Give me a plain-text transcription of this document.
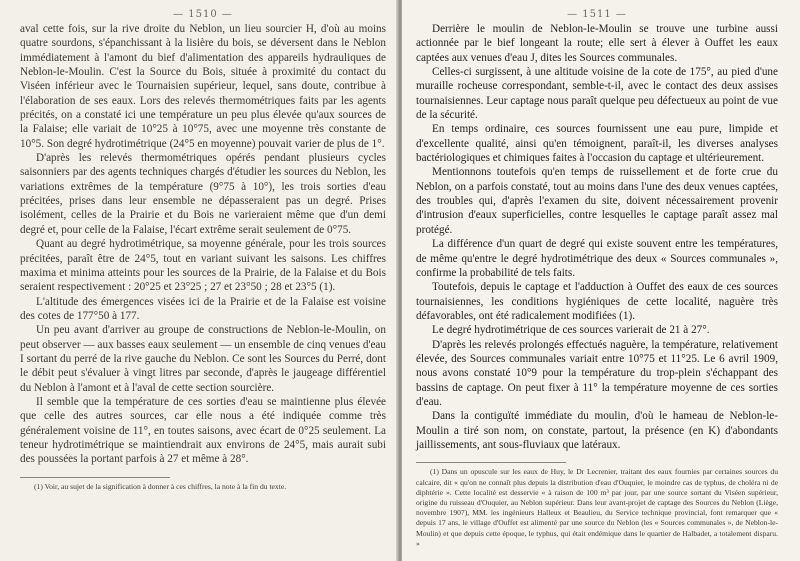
— 1510 —

aval cette fois, sur la rive droite du Neblon, un lieu sourcier H, d'où au moins quatre sourdons, s'épanchissant à la lisière du bois, se déversent dans le Neblon immédiatement à l'amont du bief d'alimentation des appareils hydrauliques de Neblon-le-Moulin. C'est la Source du Bois, située à proximité du contact du Viséen inférieur avec le Tournaisien supérieur, lequel, sans doute, contribue à l'élaboration de ses eaux. Lors des relevés thermométriques faits par les agents précités, on a constaté ici une température un peu plus élevée qu'aux sources de la Falaise; elle variait de 10°25 à 10°75, avec une moyenne très constante de 10°5. Son degré hydrotimétrique (24°5 en moyenne) pouvait varier de plus de 1°.

D'après les relevés thermométriques opérés pendant plusieurs cycles saisonniers par des agents techniques chargés d'étudier les sources du Neblon, les variations extrêmes de la température (9°75 à 10°), les trois sorties d'eau précitées, prises dans leur ensemble ne dépasseraient pas un degré. Prises isolément, celles de la Prairie et du Bois ne varieraient même que d'un demi degré et, pour celle de la Falaise, l'écart extrême serait seulement de 0°75.

Quant au degré hydrotimétrique, sa moyenne générale, pour les trois sources précitées, paraît être de 24°5, tout en variant suivant les saisons. Les chiffres maxima et minima atteints pour les sources de la Prairie, de la Falaise et du Bois seraient respectivement : 20°25 et 23°25 ; 27 et 23°50 ; 28 et 23°5 (1).

L'altitude des émergences visées ici de la Prairie et de la Falaise est voisine des cotes de 177°50 à 177.

Un peu avant d'arriver au groupe de constructions de Neblon-le-Moulin, on peut observer — aux basses eaux seulement — un ensemble de cinq venues d'eau I sortant du perré de la rive gauche du Neblon. Ce sont les Sources du Perré, dont le débit peut s'évaluer à vingt litres par seconde, d'après le jaugeage différentiel du Neblon à l'amont et à l'aval de cette section sourcière.

Il semble que la température de ces sorties d'eau se maintienne plus élevée que celle des autres sources, car elle nous a été indiquée comme très généralement voisine de 11°, en toutes saisons, avec écart de 0°25 seulement. La teneur hydrotimétrique se maintiendrait aux environs de 24°5, mais aurait subi des poussées la portant parfois à 27 et même à 28°.

(1) Voir, au sujet de la signification à donner à ces chiffres, la note à la fin du texte.

— 1511 —

Derrière le moulin de Neblon-le-Moulin se trouve une turbine aussi actionnée par le bief longeant la route; elle sert à élever à Ouffet les eaux captées aux venues d'eau J, dites les Sources communales.

Celles-ci surgissent, à une altitude voisine de la cote de 175°, au pied d'une muraille rocheuse correspondant, semble-t-il, avec le contact des deux assises tournaisiennes. Leur captage nous paraît quelque peu défectueux au point de vue de la sécurité.

En temps ordinaire, ces sources fournissent une eau pure, limpide et d'excellente qualité, ainsi qu'en témoignent, paraît-il, les diverses analyses bactériologiques et chimiques faites à l'occasion du captage et ultérieurement.

Mentionnons toutefois qu'en temps de ruissellement et de forte crue du Neblon, on a parfois constaté, tout au moins dans l'une des deux venues captées, des troubles qui, d'après l'examen du site, doivent nécessairement provenir d'intrusion d'eaux superficielles, contre lesquelles le captage paraît assez mal protégé.

La différence d'un quart de degré qui existe souvent entre les températures, de même qu'entre le degré hydrotimétrique des deux « Sources communales », confirme la probabilité de tels faits.

Toutefois, depuis le captage et l'adduction à Ouffet des eaux de ces sources tournaisiennes, les conditions hygiéniques de cette localité, naguère très défavorables, ont été radicalement modifiées (1).

Le degré hydrotimétrique de ces sources varierait de 21 à 27°.

D'après les relevés prolongés effectués naguère, la température, relativement élevée, des Sources communales variait entre 10°75 et 11°25. Le 6 avril 1909, nous avons constaté 10°9 pour la température du trop-plein s'échappant des bassins de captage. On peut fixer à 11° la température moyenne de ces sorties d'eau.

Dans la contiguïté immédiate du moulin, d'où le hameau de Neblon-le-Moulin a tiré son nom, on constate, partout, la présence (en K) d'abondants jaillissements, ant sous-fluviaux que latéraux.

(1) Dans un opuscule sur les eaux de Huy, le Dr Lecrenier, traitant des eaux fournies par certaines sources du calcaire, dit « qu'on ne connaît plus depuis la distribution d'eau d'Ouquier, le moindre cas de typhus, de choléra ni de diphtérie ». Cette localité est desservie « à raison de 100 m³ par jour, par une source sortant du Viséen supérieur, origine du ruisseau d'Ouquier, au Neblon supérieur. Dans leur avant-projet de captage des Sources du Neblon (Liège, novembre 1907), MM. les ingénieurs Halleux et Beaulieu, du Service technique provincial, font remarquer que « depuis 17 ans, le village d'Ouffet est alimenté par une source du Neblon (les « Sources communales », de Neblon-le-Moulin) et que depuis cette époque, le typhus, qui était endémique dans le quartier de Halbadet, a totalement disparu. »
